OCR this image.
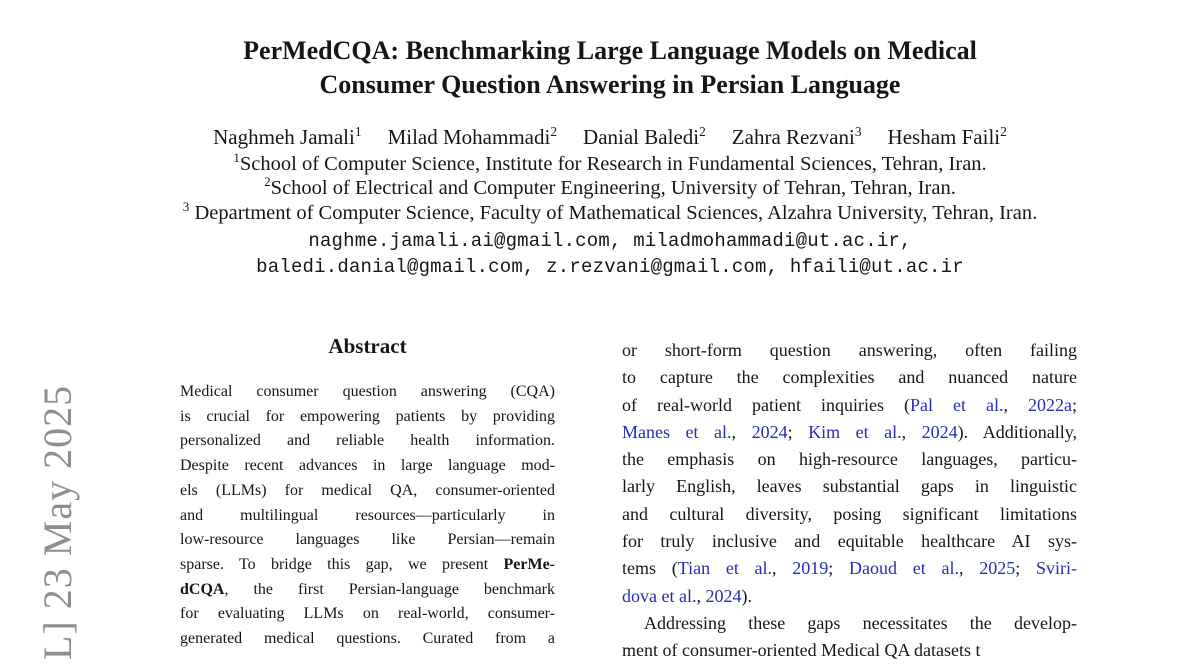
L] 23 May 2025
PerMedCQA: Benchmarking Large Language Models on Medical
Consumer Question Answering in Persian Language
Naghmeh Jamali$^1$ Milad Mohammadi$^2$ Danial Baledi$^2$ Zahra Rezvani$^3$ Hesham Faili$^2$
$^1$School of Computer Science, Institute for Research in Fundamental Sciences, Tehran, Iran.
$^2$School of Electrical and Computer Engineering, University of Tehran, Tehran, Iran.
$^3$ Department of Computer Science, Faculty of Mathematical Sciences, Alzahra University, Tehran, Iran.
naghme.jamali.ai@gmail.com, miladmohammadi@ut.ac.ir,
baledi.danial@gmail.com, z.rezvani@gmail.com, hfaili@ut.ac.ir
Abstract
Medical consumer question answering (CQA)
is crucial for empowering patients by providing
personalized and reliable health information.
Despite recent advances in large language mod-
els (LLMs) for medical QA, consumer-oriented
and multilingual resources—particularly in
low-resource languages like Persian—remain
sparse. To bridge this gap, we present PerMe-
dCQA, the first Persian-language benchmark
for evaluating LLMs on real-world, consumer-
generated medical questions. Curated from a
or short-form question answering, often failing
to capture the complexities and nuanced nature
of real-world patient inquiries (Pal et al., 2022a;
Manes et al., 2024; Kim et al., 2024). Additionally,
the emphasis on high-resource languages, particu-
larly English, leaves substantial gaps in linguistic
and cultural diversity, posing significant limitations
for truly inclusive and equitable healthcare AI sys-
tems (Tian et al., 2019; Daoud et al., 2025; Sviri-
dova et al., 2024).
Addressing these gaps necessitates the develop-
ment of consumer-oriented Medical QA datasets t
